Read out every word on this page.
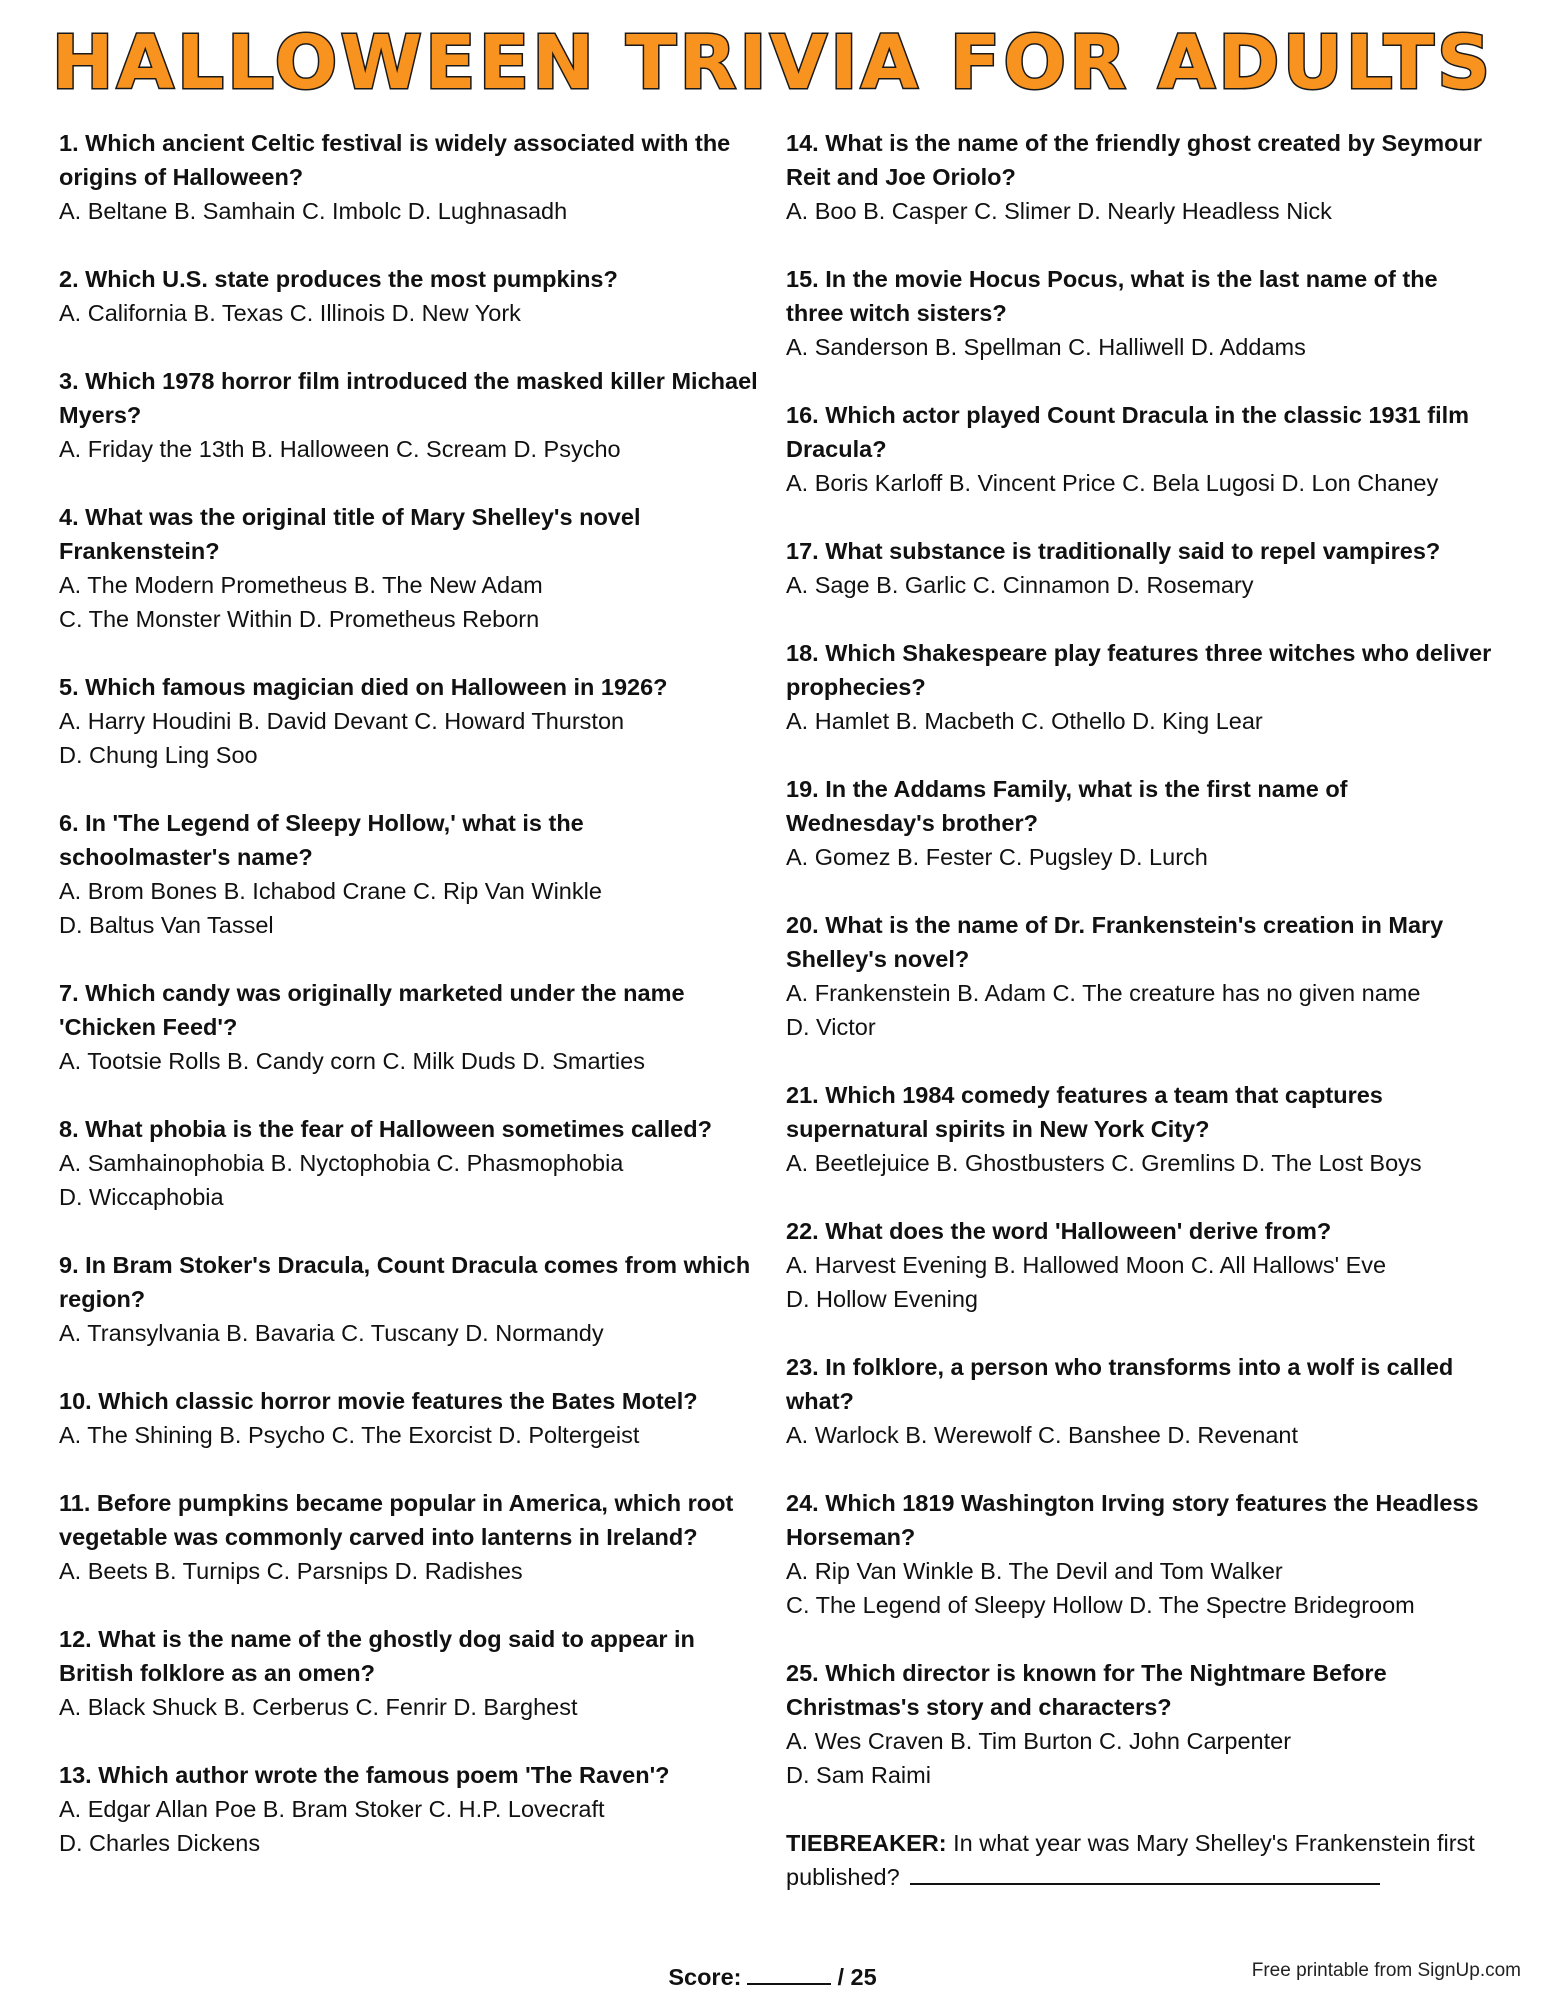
HALLOWEEN TRIVIA FOR ADULTS
1. Which ancient Celtic festival is widely associated with the origins of Halloween?
A. Beltane B. Samhain C. Imbolc D. Lughnasadh
2. Which U.S. state produces the most pumpkins?
A. California B. Texas C. Illinois D. New York
3. Which 1978 horror film introduced the masked killer Michael Myers?
A. Friday the 13th B. Halloween C. Scream D. Psycho
4. What was the original title of Mary Shelley's novel Frankenstein?
A. The Modern Prometheus B. The New Adam
C. The Monster Within D. Prometheus Reborn
5. Which famous magician died on Halloween in 1926?
A. Harry Houdini B. David Devant C. Howard Thurston
D. Chung Ling Soo
6. In 'The Legend of Sleepy Hollow,' what is the schoolmaster's name?
A. Brom Bones B. Ichabod Crane C. Rip Van Winkle
D. Baltus Van Tassel
7. Which candy was originally marketed under the name 'Chicken Feed'?
A. Tootsie Rolls B. Candy corn C. Milk Duds D. Smarties
8. What phobia is the fear of Halloween sometimes called?
A. Samhainophobia B. Nyctophobia C. Phasmophobia
D. Wiccaphobia
9. In Bram Stoker's Dracula, Count Dracula comes from which region?
A. Transylvania B. Bavaria C. Tuscany D. Normandy
10. Which classic horror movie features the Bates Motel?
A. The Shining B. Psycho C. The Exorcist D. Poltergeist
11. Before pumpkins became popular in America, which root vegetable was commonly carved into lanterns in Ireland?
A. Beets B. Turnips C. Parsnips D. Radishes
12. What is the name of the ghostly dog said to appear in British folklore as an omen?
A. Black Shuck B. Cerberus C. Fenrir D. Barghest
13. Which author wrote the famous poem 'The Raven'?
A. Edgar Allan Poe B. Bram Stoker C. H.P. Lovecraft
D. Charles Dickens
14. What is the name of the friendly ghost created by Seymour Reit and Joe Oriolo?
A. Boo B. Casper C. Slimer D. Nearly Headless Nick
15. In the movie Hocus Pocus, what is the last name of the three witch sisters?
A. Sanderson B. Spellman C. Halliwell D. Addams
16. Which actor played Count Dracula in the classic 1931 film Dracula?
A. Boris Karloff B. Vincent Price C. Bela Lugosi D. Lon Chaney
17. What substance is traditionally said to repel vampires?
A. Sage B. Garlic C. Cinnamon D. Rosemary
18. Which Shakespeare play features three witches who deliver prophecies?
A. Hamlet B. Macbeth C. Othello D. King Lear
19. In the Addams Family, what is the first name of Wednesday's brother?
A. Gomez B. Fester C. Pugsley D. Lurch
20. What is the name of Dr. Frankenstein's creation in Mary Shelley's novel?
A. Frankenstein B. Adam C. The creature has no given name
D. Victor
21. Which 1984 comedy features a team that captures supernatural spirits in New York City?
A. Beetlejuice B. Ghostbusters C. Gremlins D. The Lost Boys
22. What does the word 'Halloween' derive from?
A. Harvest Evening B. Hallowed Moon C. All Hallows' Eve
D. Hollow Evening
23. In folklore, a person who transforms into a wolf is called what?
A. Warlock B. Werewolf C. Banshee D. Revenant
24. Which 1819 Washington Irving story features the Headless Horseman?
A. Rip Van Winkle B. The Devil and Tom Walker
C. The Legend of Sleepy Hollow D. The Spectre Bridegroom
25. Which director is known for The Nightmare Before Christmas's story and characters?
A. Wes Craven B. Tim Burton C. John Carpenter
D. Sam Raimi
TIEBREAKER: In what year was Mary Shelley's Frankenstein first published?
Score:	/ 25	Free printable from SignUp.com
